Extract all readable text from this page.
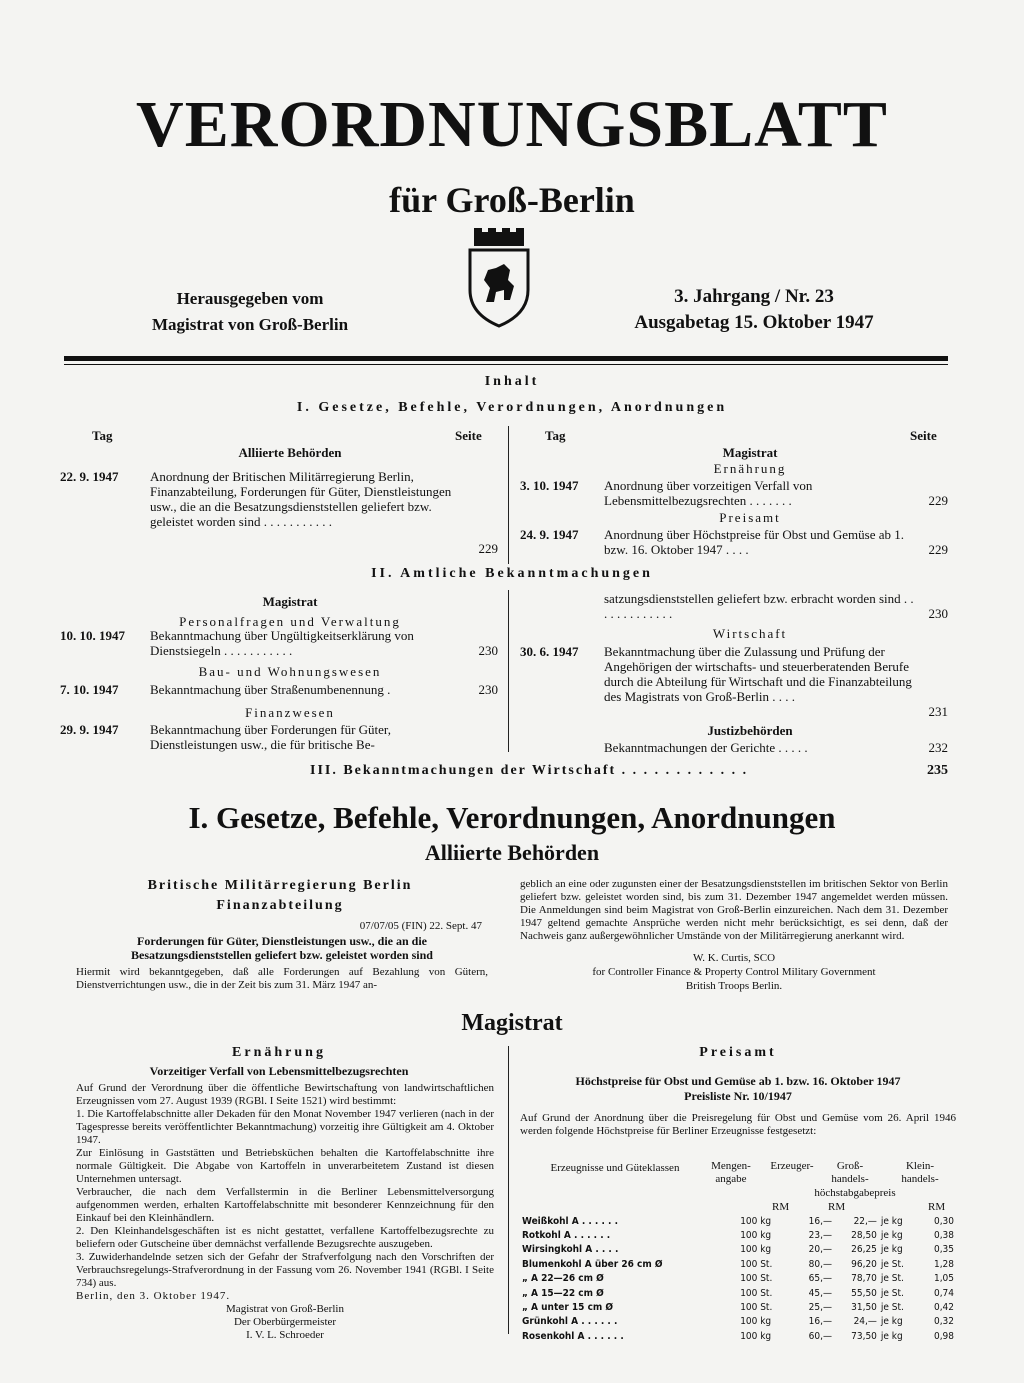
VERORDNUNGSBLATT
für Groß-Berlin
Herausgegeben vom
Magistrat von Groß-Berlin
3. Jahrgang / Nr. 23
Ausgabetag 15. Oktober 1947
Inhalt
I. Gesetze, Befehle, Verordnungen, Anordnungen
Tag	Seite
Alliierte Behörden
22. 9. 1947	Anordnung der Britischen Militärregierung Berlin, Finanzabteilung, Forderungen für Güter, Dienstleistungen usw., die an die Besatzungsdienststellen geliefert bzw. geleistet worden sind . . . . . . . . . . .
229
Tag	Seite
Magistrat
Ernährung
3. 10. 1947	Anordnung über vorzeitigen Verfall von Lebensmittelbezugsrechten . . . . . . .	229
Preisamt
24. 9. 1947	Anordnung über Höchstpreise für Obst und Gemüse ab 1. bzw. 16. Oktober 1947 . . . .	229
II. Amtliche Bekanntmachungen
Magistrat
Personalfragen und Verwaltung
10. 10. 1947	Bekanntmachung über Ungültigkeitserklärung von Dienstsiegeln . . . . . . . . . . .	230
Bau- und Wohnungswesen
7. 10. 1947	Bekanntmachung über Straßenumbenennung .	230
Finanzwesen
29. 9. 1947	Bekanntmachung über Forderungen für Güter, Dienstleistungen usw., die für britische Be-
satzungsdienststellen geliefert bzw. erbracht worden sind . . . . . . . . . . . . .	230
Wirtschaft
30. 6. 1947	Bekanntmachung über die Zulassung und Prüfung der Angehörigen der wirtschafts- und steuerberatenden Berufe durch die Abteilung für Wirtschaft und die Finanzabteilung des Magistrats von Groß-Berlin . . . .
231
Justizbehörden
Bekanntmachungen der Gerichte . . . . .	232
III. Bekanntmachungen der Wirtschaft . . . . . . . . . . . .	235
I. Gesetze, Befehle, Verordnungen, Anordnungen
Alliierte Behörden
Britische Militärregierung Berlin
Finanzabteilung
07/07/05 (FIN) 22. Sept. 47
Forderungen für Güter, Dienstleistungen usw., die an die Besatzungsdienststellen geliefert bzw. geleistet worden sind
Hiermit wird bekanntgegeben, daß alle Forderungen auf Bezahlung von Gütern, Dienstverrichtungen usw., die in der Zeit bis zum 31. März 1947 an-
geblich an eine oder zugunsten einer der Besatzungsdienststellen im britischen Sektor von Berlin geliefert bzw. geleistet worden sind, bis zum 31. Dezember 1947 angemeldet werden müssen. Die Anmeldungen sind beim Magistrat von Groß-Berlin einzureichen. Nach dem 31. Dezember 1947 geltend gemachte Ansprüche werden nicht mehr berücksichtigt, es sei denn, daß der Nachweis ganz außergewöhnlicher Umstände von der Militärregierung anerkannt wird.
W. K. Curtis, SCO
for Controller Finance & Property Control Military Government
British Troops Berlin.
Magistrat
Ernährung
Vorzeitiger Verfall von Lebensmittelbezugsrechten
Auf Grund der Verordnung über die öffentliche Bewirtschaftung von landwirtschaftlichen Erzeugnissen vom 27. August 1939 (RGBl. I Seite 1521) wird bestimmt:
1. Die Kartoffelabschnitte aller Dekaden für den Monat November 1947 verlieren (nach in der Tagespresse bereits veröffentlichter Bekanntmachung) vorzeitig ihre Gültigkeit am 4. Oktober 1947.
Zur Einlösung in Gaststätten und Betriebsküchen behalten die Kartoffelabschnitte ihre normale Gültigkeit. Die Abgabe von Kartoffeln in unverarbeitetem Zustand ist diesen Unternehmen untersagt.
Verbraucher, die nach dem Verfallstermin in die Berliner Lebensmittelversorgung aufgenommen werden, erhalten Kartoffelabschnitte mit besonderer Kennzeichnung für den Einkauf bei den Kleinhändlern.
2. Den Kleinhandelsgeschäften ist es nicht gestattet, verfallene Kartoffelbezugsrechte zu beliefern oder Gutscheine über demnächst verfallende Bezugsrechte auszugeben.
3. Zuwiderhandelnde setzen sich der Gefahr der Strafverfolgung nach den Vorschriften der Verbrauchsregelungs-Strafverordnung in der Fassung vom 26. November 1941 (RGBl. I Seite 734) aus.
Berlin, den 3. Oktober 1947.
Magistrat von Groß-Berlin
Der Oberbürgermeister
I. V. L. Schroeder
Preisamt
Höchstpreise für Obst und Gemüse ab 1. bzw. 16. Oktober 1947
Preisliste Nr. 10/1947
Auf Grund der Anordnung über die Preisregelung für Obst und Gemüse vom 26. April 1946 werden folgende Höchstpreise für Berliner Erzeugnisse festgesetzt:
Erzeugnisse und Güteklassen	Mengen-angabe
Erzeuger-	Groß-handels-
Klein-handels-
höchstabgabepreis
RM	RM	RM
Weißkohl A . . . . . .	100 kg	16,—	22,—	je kg	0,30
Rotkohl A . . . . . .	100 kg	23,—	28,50	je kg	0,38
Wirsingkohl A . . . .	100 kg	20,—	26,25	je kg	0,35
Blumenkohl A über 26 cm Ø	100 St.	80,—	96,20	je St.	1,28
„ A 22—26 cm Ø	100 St.	65,—	78,70	je St.	1,05
„ A 15—22 cm Ø	100 St.	45,—	55,50	je St.	0,74
„ A unter 15 cm Ø	100 St.	25,—	31,50	je St.	0,42
Grünkohl A . . . . . .	100 kg	16,—	24,—	je kg	0,32
Rosenkohl A . . . . . .	100 kg	60,—	73,50	je kg	0,98
